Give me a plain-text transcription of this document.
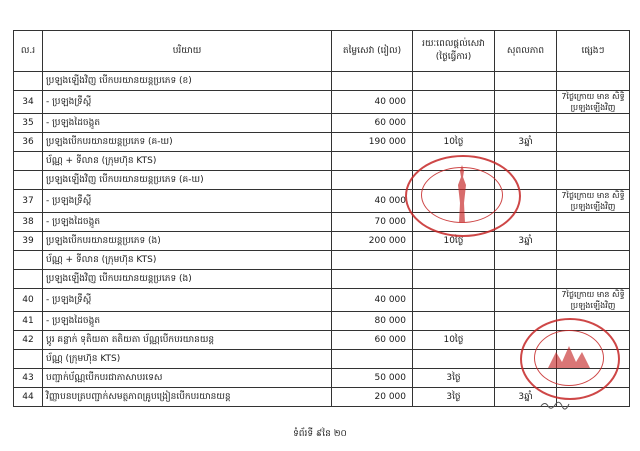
ល.រ	បរិយាយ	តម្លៃសេវា (រៀល)	រយៈពេលផ្តល់សេវា (ថ្ងៃធ្វើការ)	សុពលភាព	ផ្សេងៗ
	ប្រឡងឡើងវិញ បើកបរយានយន្តប្រភេទ (ខ)				
34	- ប្រឡងទ្រឹស្តី	40 000			7ថ្ងៃក្រោយ មាន សិទ្ធិប្រឡងឡើងវិញ
35	- ប្រឡងដៃចង្កូត	60 000			
36	ប្រឡងបើកបរយានយន្តប្រភេទ (គ-ឃ)	190 000	10ថ្ងៃ	3ឆ្នាំ	
	ប័ណ្ណ + ទីលាន (ក្រុមហ៊ុន KTS)				
	ប្រឡងឡើងវិញ បើកបរយានយន្តប្រភេទ (គ-ឃ)				
37	- ប្រឡងទ្រឹស្តី	40 000			7ថ្ងៃក្រោយ មាន សិទ្ធិប្រឡងឡើងវិញ
38	- ប្រឡងដៃចង្កូត	70 000			
39	ប្រឡងបើកបរយានយន្តប្រភេទ (ង)	200 000	10ថ្ងៃ	3ឆ្នាំ	
	ប័ណ្ណ + ទីលាន (ក្រុមហ៊ុន KTS)				
	ប្រឡងឡើងវិញ បើកបរយានយន្តប្រភេទ (ង)				
40	- ប្រឡងទ្រឹស្តី	40 000			7ថ្ងៃក្រោយ មាន សិទ្ធិប្រឡងឡើងវិញ
41	- ប្រឡងដៃចង្កូត	80 000			
42	ប្តូរ គន្លាក់ ទុតិយតា តតិយតា ប័ណ្ណបើកបរយានយន្ត	60 000	10ថ្ងៃ		
	ប័ណ្ណ (ក្រុមហ៊ុន KTS)				
43	បញ្ជាក់ប័ណ្ណបើកបរជាភាសាបរទេស	50 000	3ថ្ងៃ		
44	វិញ្ញាបនបត្របញ្ជាក់សមត្ថភាពគ្រូបង្រៀនបើកបរយានយន្ត	20 000	3ថ្ងៃ	3ឆ្នាំ	
ទំព័រទី ៩នៃ ២០
